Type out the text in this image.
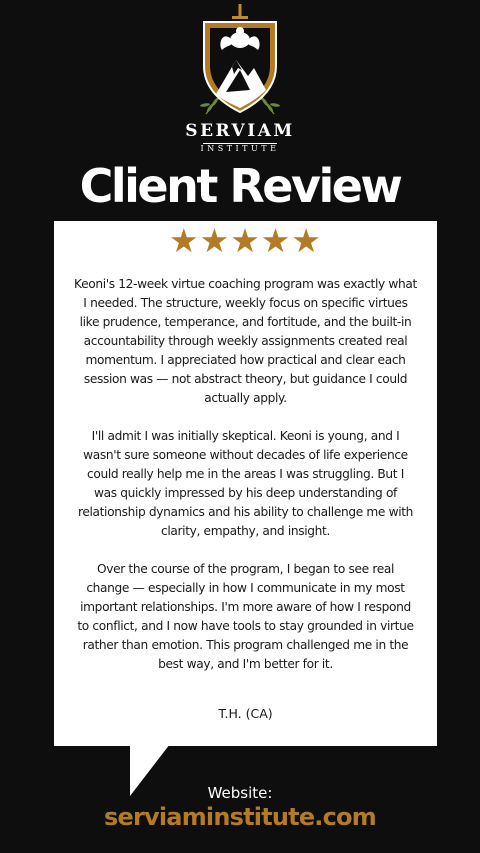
SERVIAM
INSTITUTE
Client Review
★★★★★

Keoni's 12-week virtue coaching program was exactly what I needed. The structure, weekly focus on specific virtues like prudence, temperance, and fortitude, and the built-in accountability through weekly assignments created real momentum. I appreciated how practical and clear each session was — not abstract theory, but guidance I could actually apply.

I'll admit I was initially skeptical. Keoni is young, and I wasn't sure someone without decades of life experience could really help me in the areas I was struggling. But I was quickly impressed by his deep understanding of relationship dynamics and his ability to challenge me with clarity, empathy, and insight.

Over the course of the program, I began to see real change — especially in how I communicate in my most important relationships. I'm more aware of how I respond to conflict, and I now have tools to stay grounded in virtue rather than emotion. This program challenged me in the best way, and I'm better for it.

T.H. (CA)
Website:
serviaminstitute.com
